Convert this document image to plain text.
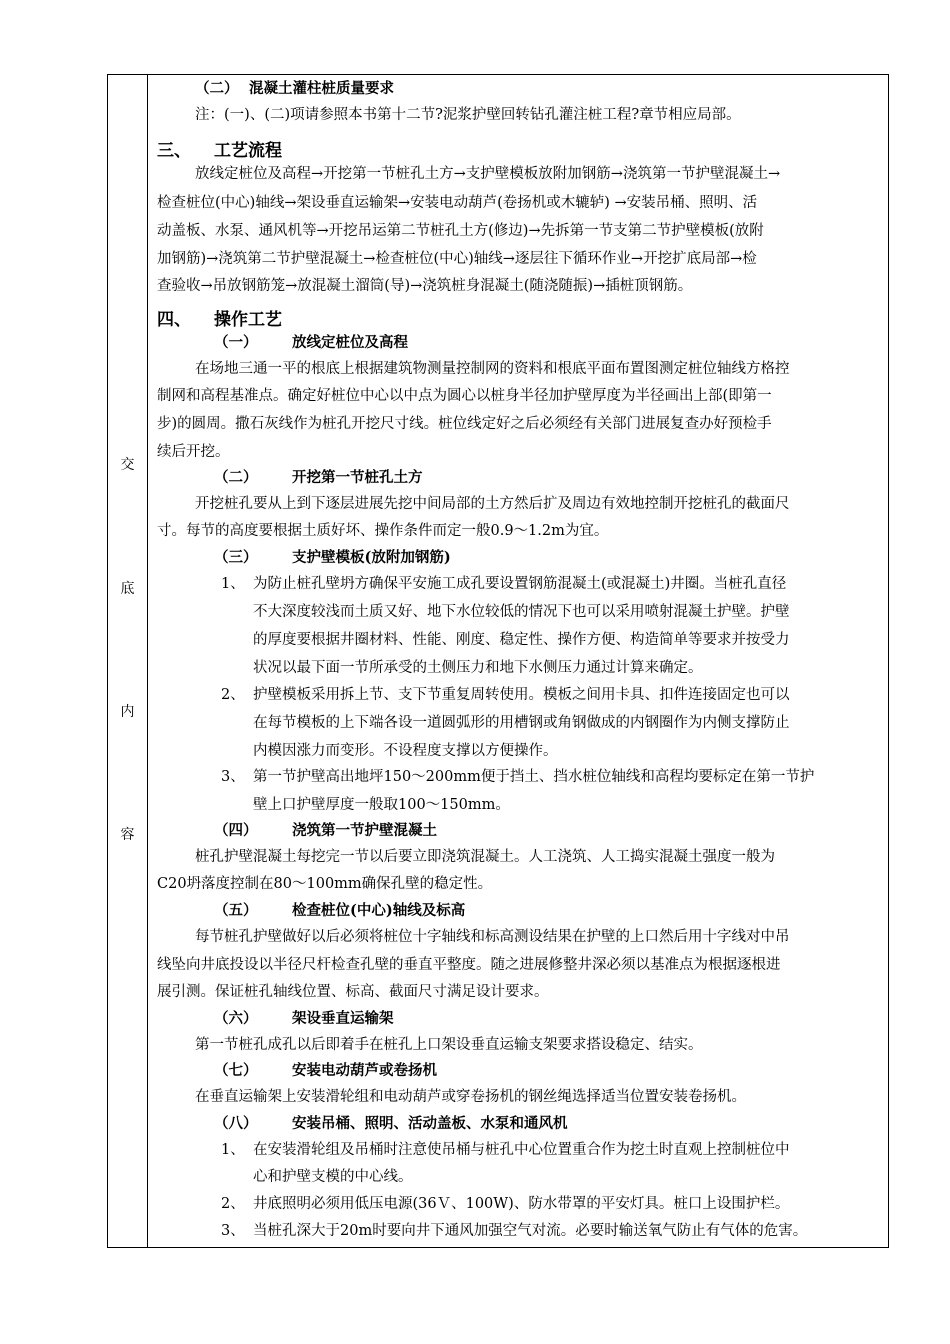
交
底
内
容
（二） 混凝土灌柱桩质量要求
注：(一)、(二)项请参照本书第十二节?泥浆护壁回转钻孔灌注桩工程?章节相应局部。
三、 工艺流程
放线定桩位及高程→开挖第一节桩孔土方→支护壁模板放附加钢筋→浇筑第一节护壁混凝土→
检查桩位(中心)轴线→架设垂直运输架→安装电动葫芦(卷扬机或木辘轳) →安装吊桶、照明、活
动盖板、水泵、通风机等→开挖吊运第二节桩孔土方(修边)→先拆第一节支第二节护壁模板(放附
加钢筋)→浇筑第二节护壁混凝土→检查桩位(中心)轴线→逐层往下循环作业→开挖扩底局部→检
查验收→吊放钢筋笼→放混凝土溜筒(导)→浇筑桩身混凝土(随浇随振)→插桩顶钢筋。
四、 操作工艺
（一） 放线定桩位及高程
在场地三通一平的根底上根据建筑物测量控制网的资料和根底平面布置图测定桩位轴线方格控
制网和高程基准点。确定好桩位中心以中点为圆心以桩身半径加护壁厚度为半径画出上部(即第一
步)的圆周。撒石灰线作为桩孔开挖尺寸线。桩位线定好之后必须经有关部门进展复查办好预检手
续后开挖。
（二） 开挖第一节桩孔土方
开挖桩孔要从上到下逐层进展先挖中间局部的土方然后扩及周边有效地控制开挖桩孔的截面尺
寸。每节的高度要根据土质好坏、操作条件而定一般0.9～1.2m为宜。
（三） 支护壁模板(放附加钢筋)
1、 为防止桩孔壁坍方确保平安施工成孔要设置钢筋混凝土(或混凝土)井圈。当桩孔直径
不大深度较浅而土质又好、地下水位较低的情况下也可以采用喷射混凝土护壁。护壁
的厚度要根据井圈材料、性能、刚度、稳定性、操作方便、构造简单等要求并按受力
状况以最下面一节所承受的土侧压力和地下水侧压力通过计算来确定。
2、 护壁模板采用拆上节、支下节重复周转使用。模板之间用卡具、扣件连接固定也可以
在每节模板的上下端各设一道圆弧形的用槽钢或角钢做成的内钢圈作为内侧支撑防止
内模因涨力而变形。不设程度支撑以方便操作。
3、 第一节护壁高出地坪150～200mm便于挡土、挡水桩位轴线和高程均要标定在第一节护
壁上口护壁厚度一般取100～150mm。
（四） 浇筑第一节护壁混凝土
桩孔护壁混凝土每挖完一节以后要立即浇筑混凝土。人工浇筑、人工捣实混凝土强度一般为
C20坍落度控制在80～100mm确保孔壁的稳定性。
（五） 检查桩位(中心)轴线及标高
每节桩孔护壁做好以后必须将桩位十字轴线和标高测设结果在护壁的上口然后用十字线对中吊
线坠向井底投设以半径尺杆检查孔壁的垂直平整度。随之进展修整井深必须以基准点为根据逐根进
展引测。保证桩孔轴线位置、标高、截面尺寸满足设计要求。
（六） 架设垂直运输架
第一节桩孔成孔以后即着手在桩孔上口架设垂直运输支架要求搭设稳定、结实。
（七） 安装电动葫芦或卷扬机
在垂直运输架上安装滑轮组和电动葫芦或穿卷扬机的钢丝绳选择适当位置安装卷扬机。
（八） 安装吊桶、照明、活动盖板、水泵和通风机
1、 在安装滑轮组及吊桶时注意使吊桶与桩孔中心位置重合作为挖土时直观上控制桩位中
心和护壁支模的中心线。
2、 井底照明必须用低压电源(36Ｖ、100W)、防水带罩的平安灯具。桩口上设围护栏。
3、 当桩孔深大于20m时要向井下通风加强空气对流。必要时输送氧气防止有气体的危害。
